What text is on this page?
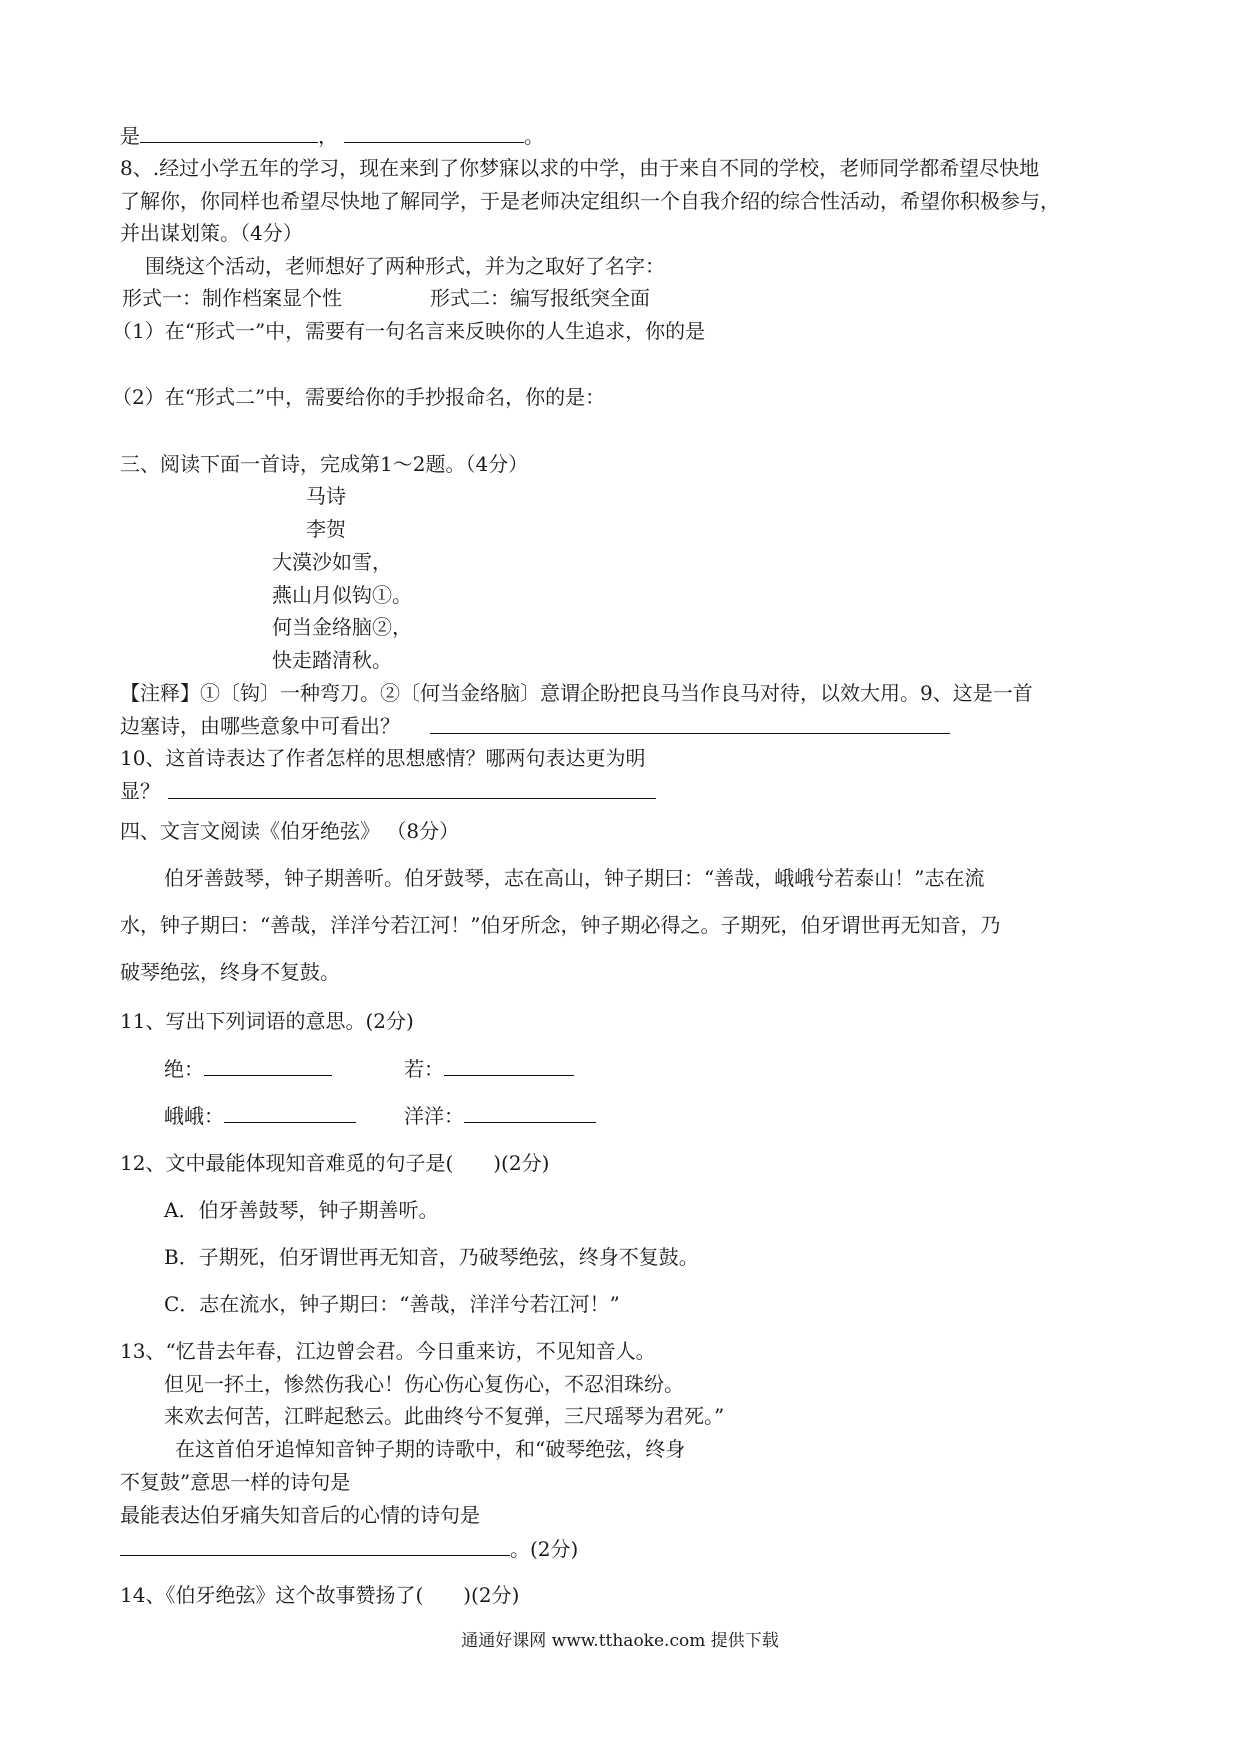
是	，	。
8、.经过小学五年的学习，现在来到了你梦寐以求的中学，由于来自不同的学校，老师同学都希望尽快地
了解你，你同样也希望尽快地了解同学，于是老师决定组织一个自我介绍的综合性活动，希望你积极参与，
并出谋划策。（4分）
围绕这个活动，老师想好了两种形式，并为之取好了名字：
形式一：制作档案显个性	形式二：编写报纸突全面
（1）在“形式一”中，需要有一句名言来反映你的人生追求，你的是
（2）在“形式二”中，需要给你的手抄报命名，你的是：
三、阅读下面一首诗，完成第1～2题。（4分）
马诗
李贺
大漠沙如雪，
燕山月似钩①。
何当金络脑②，
快走踏清秋。
【注释】①〔钩〕一种弯刀。②〔何当金络脑〕意谓企盼把良马当作良马对待，以效大用。9、这是一首
边塞诗，由哪些意象中可看出？
10、这首诗表达了作者怎样的思想感情？哪两句表达更为明
显？
四、文言文阅读《伯牙绝弦》 （8分）
伯牙善鼓琴，钟子期善听。伯牙鼓琴，志在高山，钟子期曰：“善哉，峨峨兮若泰山！”志在流
水，钟子期曰：“善哉，洋洋兮若江河！”伯牙所念，钟子期必得之。子期死，伯牙谓世再无知音，乃
破琴绝弦，终身不复鼓。
11、写出下列词语的意思。(2分)
绝：	若：
峨峨：	洋洋：
12、文中最能体现知音难觅的句子是(　　)(2分)
A．伯牙善鼓琴，钟子期善听。
B．子期死，伯牙谓世再无知音，乃破琴绝弦，终身不复鼓。
C．志在流水，钟子期曰：“善哉，洋洋兮若江河！”
13、“忆昔去年春，江边曾会君。今日重来访，不见知音人。
但见一抔土，惨然伤我心！伤心伤心复伤心，不忍泪珠纷。
来欢去何苦，江畔起愁云。此曲终兮不复弹，三尺瑶琴为君死。”
在这首伯牙追悼知音钟子期的诗歌中，和“破琴绝弦，终身
不复鼓”意思一样的诗句是
最能表达伯牙痛失知音后的心情的诗句是
。(2分)
14、《伯牙绝弦》这个故事赞扬了(　　)(2分)
通通好课网 www.tthaoke.com 提供下载
